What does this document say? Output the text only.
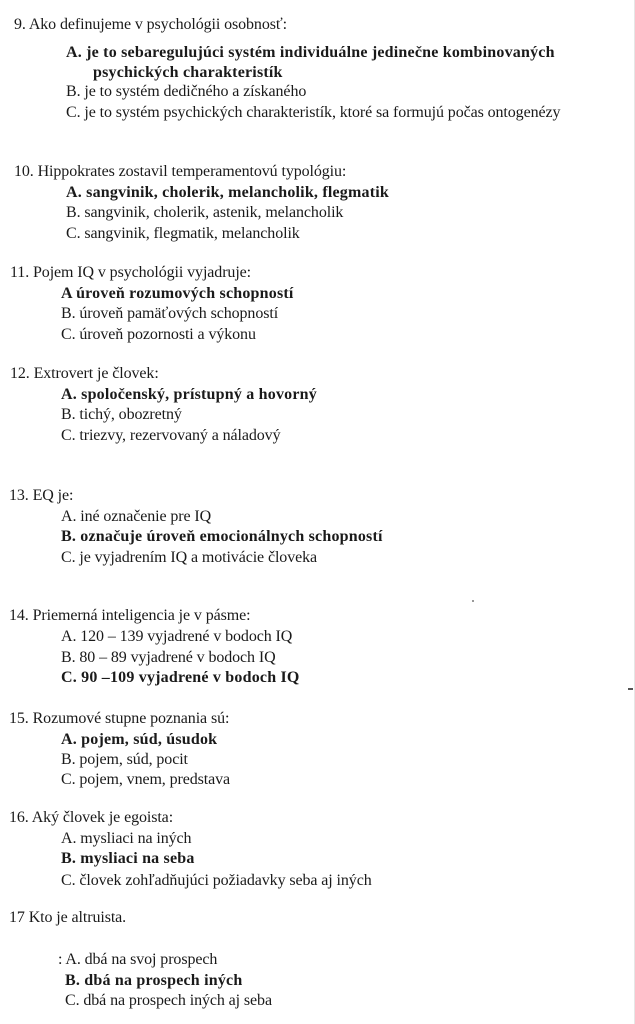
9. Ako definujeme v psychológii osobnosť:
A. je to sebaregulujúci systém individuálne jedinečne kombinovaných
psychických charakteristík
B. je to systém dedičného a získaného
C. je to systém psychických charakteristík, ktoré sa formujú počas ontogenézy
10. Hippokrates zostavil temperamentovú typológiu:
A. sangvinik, cholerik, melancholik, flegmatik
B. sangvinik, cholerik, astenik, melancholik
C. sangvinik, flegmatik, melancholik
11. Pojem IQ v psychológii vyjadruje:
A úroveň rozumových schopností
B. úroveň pamäťových schopností
C. úroveň pozornosti a výkonu
12. Extrovert je človek:
A. spoločenský, prístupný a hovorný
B. tichý, obozretný
C. triezvy, rezervovaný a náladový
13. EQ je:
A. iné označenie pre IQ
B. označuje úroveň emocionálnych schopností
C. je vyjadrením IQ a motivácie človeka
14. Priemerná inteligencia je v pásme:
A. 120 – 139 vyjadrené v bodoch IQ
B. 80 – 89 vyjadrené v bodoch IQ
C. 90 –109 vyjadrené v bodoch IQ
15. Rozumové stupne poznania sú:
A. pojem, súd, úsudok
B. pojem, súd, pocit
C. pojem, vnem, predstava
16. Aký človek je egoista:
A. mysliaci na iných
B. mysliaci na seba
C. človek zohľadňujúci požiadavky seba aj iných
17 Kto je altruista.
: A. dbá na svoj prospech
B. dbá na prospech iných
C. dbá na prospech iných aj seba
